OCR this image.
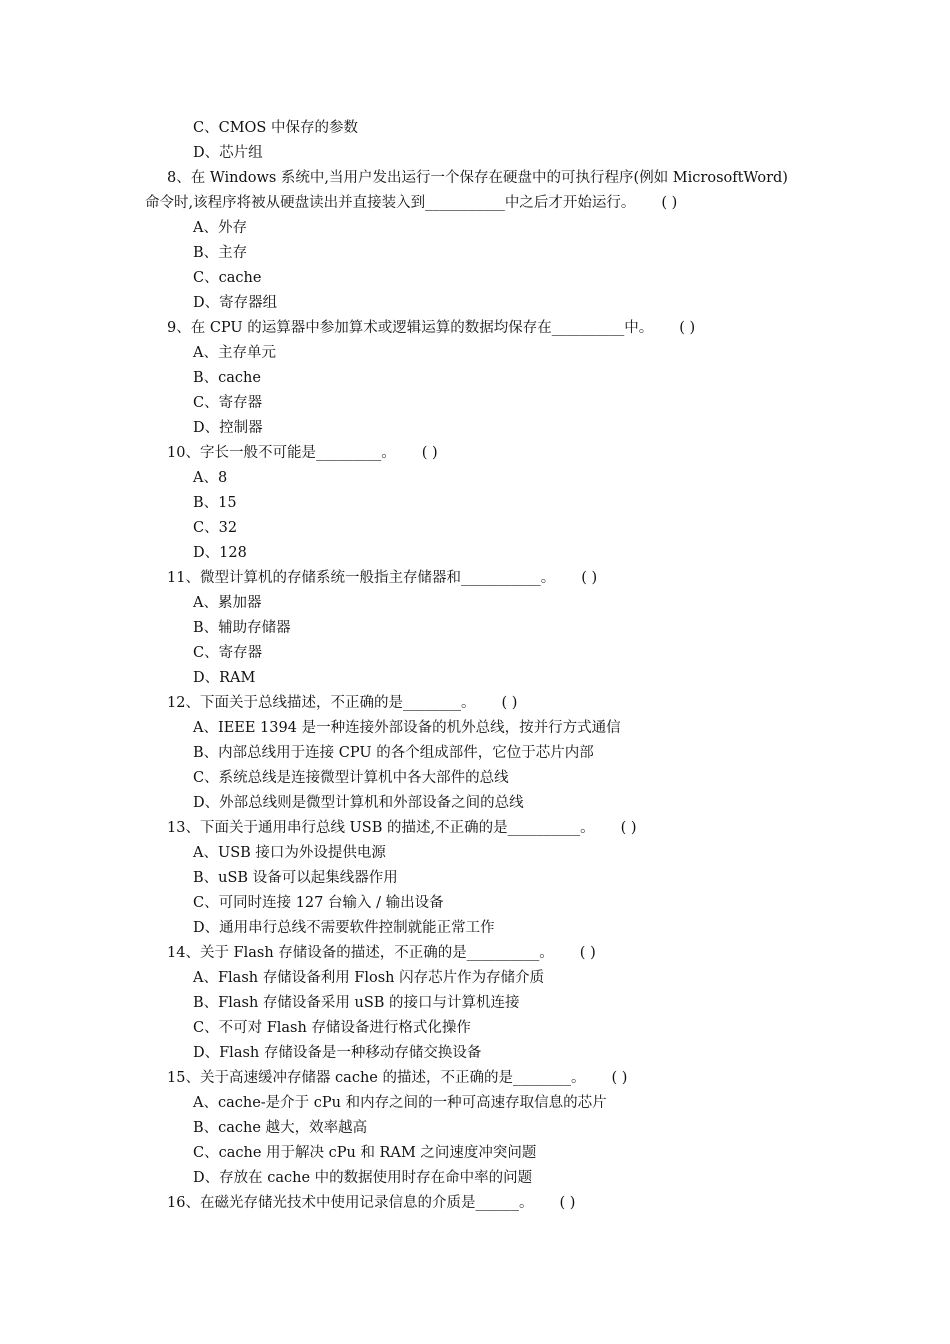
C、CMOS 中保存的参数
D、芯片组
8、在 Windows 系统中,当用户发出运行一个保存在硬盘中的可执行程序(例如 MicrosoftWord)
命令时,该程序将被从硬盘读出并直接装入到___________中之后才开始运行。 ( )
A、外存
B、主存
C、cache
D、寄存器组
9、在 CPU 的运算器中参加算术或逻辑运算的数据均保存在__________中。 ( )
A、主存单元
B、cache
C、寄存器
D、控制器
10、字长一般不可能是_________。 ( )
A、8
B、15
C、32
D、128
11、微型计算机的存储系统一般指主存储器和___________。 ( )
A、累加器
B、辅助存储器
C、寄存器
D、RAM
12、下面关于总线描述，不正确的是________。 ( )
A、IEEE 1394 是一种连接外部设备的机外总线，按并行方式通信
B、内部总线用于连接 CPU 的各个组成部件，它位于芯片内部
C、系统总线是连接微型计算机中各大部件的总线
D、外部总线则是微型计算机和外部设备之间的总线
13、下面关于通用串行总线 USB 的描述,不正确的是__________。 ( )
A、USB 接口为外设提供电源
B、uSB 设备可以起集线器作用
C、可同时连接 127 台输入 / 输出设备
D、通用串行总线不需要软件控制就能正常工作
14、关于 Flash 存储设备的描述，不正确的是__________。 ( )
A、Flash 存储设备利用 Flosh 闪存芯片作为存储介质
B、Flash 存储设备采用 uSB 的接口与计算机连接
C、不可对 Flash 存储设备进行格式化操作
D、Flash 存储设备是一种移动存储交换设备
15、关于高速缓冲存储器 cache 的描述，不正确的是________。 ( )
A、cache-是介于 cPu 和内存之间的一种可高速存取信息的芯片
B、cache 越大，效率越高
C、cache 用于解决 cPu 和 RAM 之问速度冲突问题
D、存放在 cache 中的数据使用时存在命中率的问题
16、在磁光存储光技术中使用记录信息的介质是______。 ( )
